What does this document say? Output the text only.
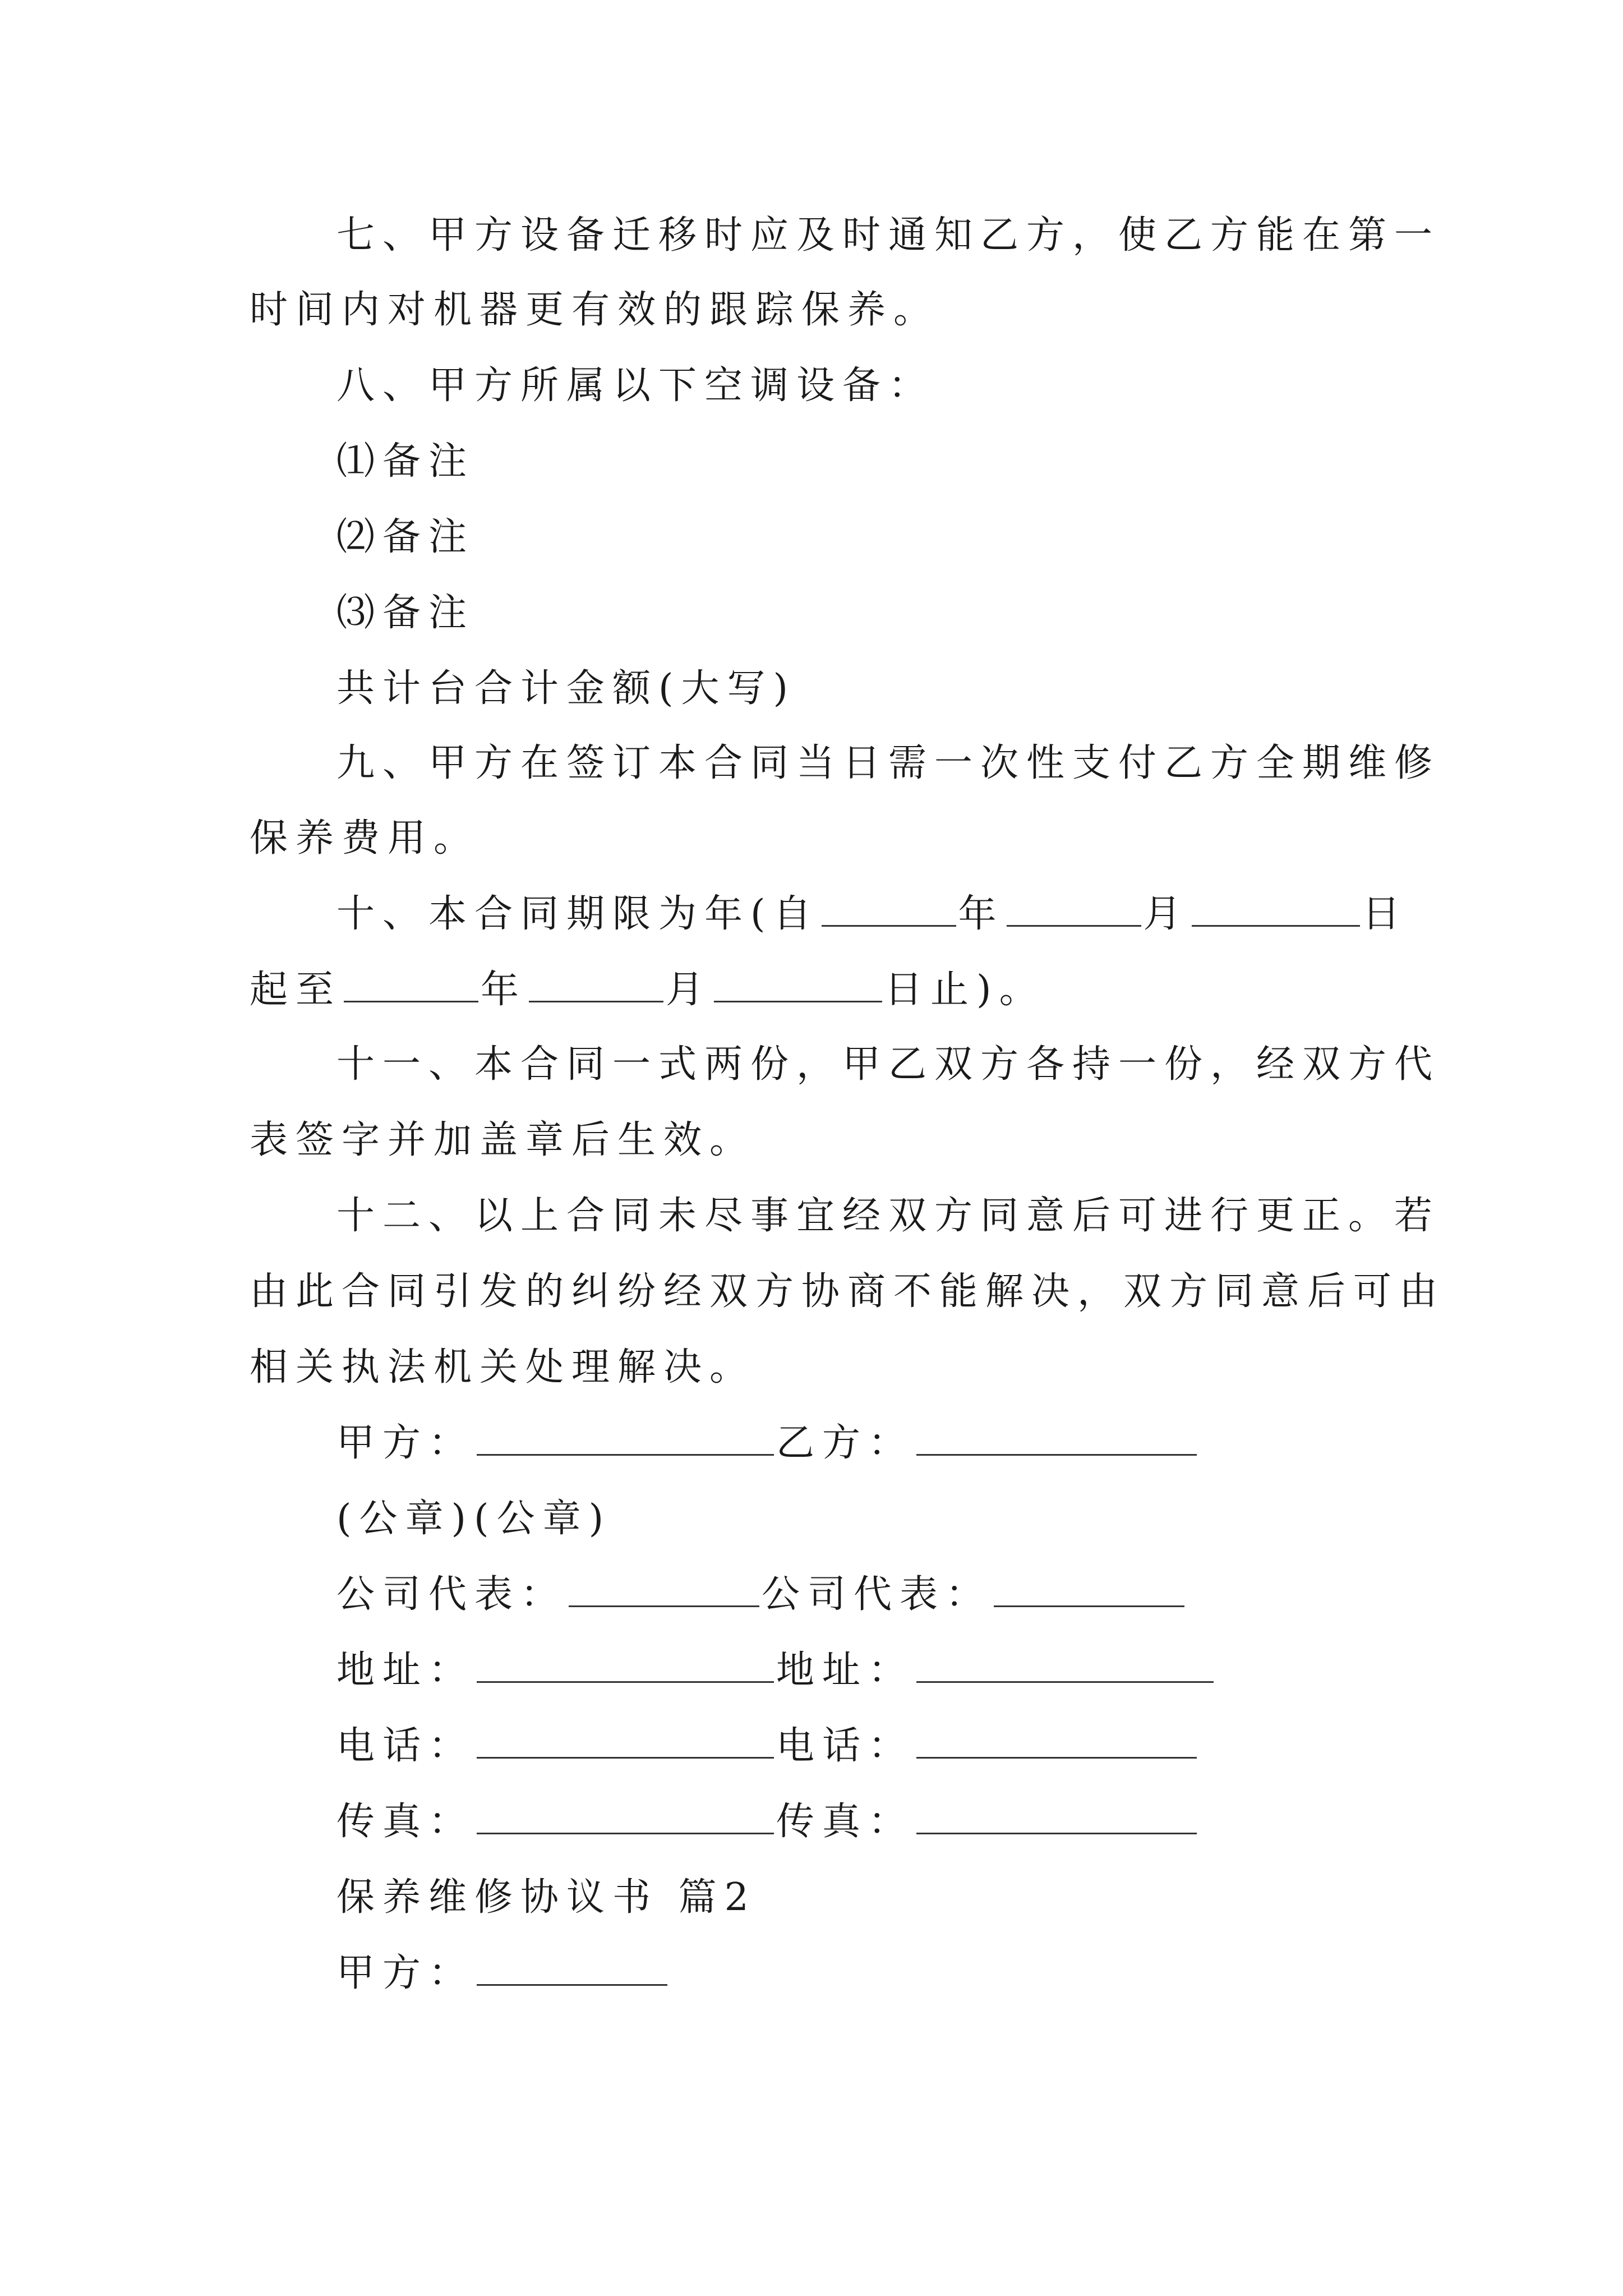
七、甲方设备迁移时应及时通知乙方，使乙方能在第一
时间内对机器更有效的跟踪保养。
八、甲方所属以下空调设备：
⑴备注
⑵备注
⑶备注
共计台合计金额(大写)
九、甲方在签订本合同当日需一次性支付乙方全期维修
保养费用。
十、本合同期限为年(自	年	月	日
起至	年	月	日止)。
十一、本合同一式两份，甲乙双方各持一份，经双方代
表签字并加盖章后生效。
十二、以上合同未尽事宜经双方同意后可进行更正。若
由此合同引发的纠纷经双方协商不能解决，双方同意后可由
相关执法机关处理解决。
甲方：	乙方：
(公章)(公章)
公司代表：	公司代表：
地址：	地址：
电话：	电话：
传真：	传真：
保养维修协议书 篇2
甲方：
